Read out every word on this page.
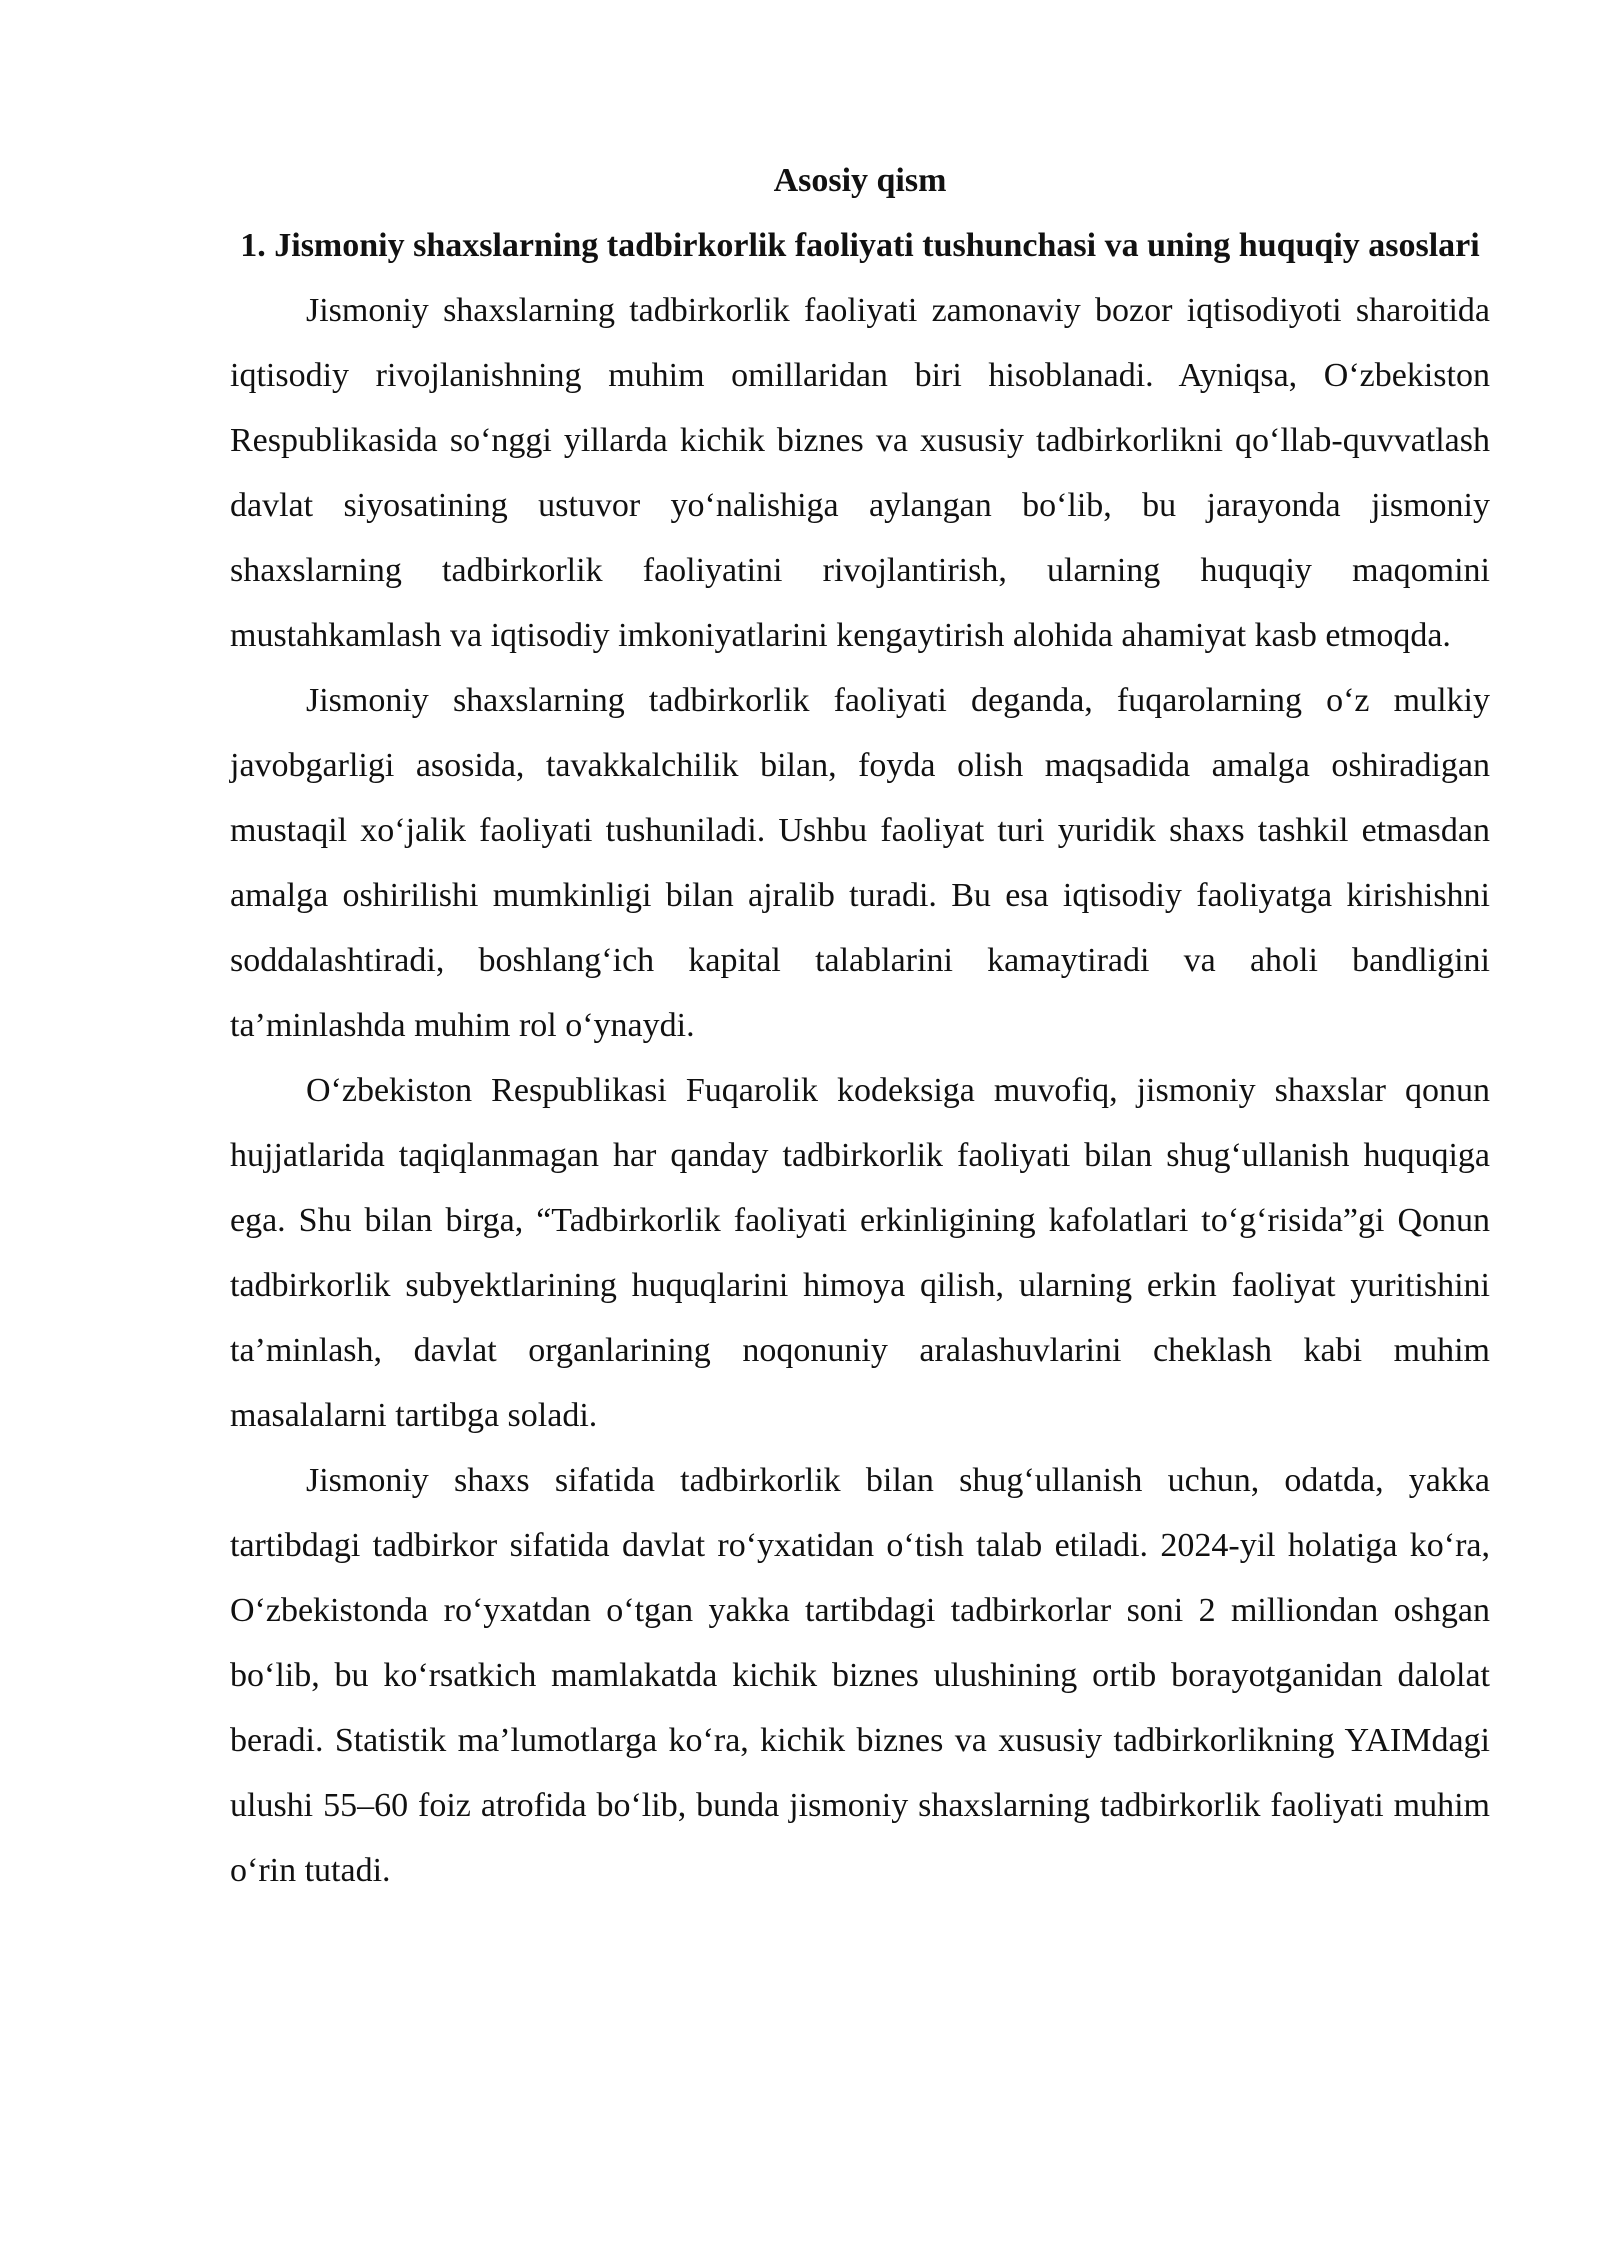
Asosiy qism
1. Jismoniy shaxslarning tadbirkorlik faoliyati tushunchasi va uning huquqiy asoslari

Jismoniy shaxslarning tadbirkorlik faoliyati zamonaviy bozor iqtisodiyoti sharoitida iqtisodiy rivojlanishning muhim omillaridan biri hisoblanadi. Ayniqsa, O‘zbekiston Respublikasida so‘nggi yillarda kichik biznes va xususiy tadbirkorlikni qo‘llab-quvvatlash davlat siyosatining ustuvor yo‘nalishiga aylangan bo‘lib, bu jarayonda jismoniy shaxslarning tadbirkorlik faoliyatini rivojlantirish, ularning huquqiy maqomini mustahkamlash va iqtisodiy imkoniyatlarini kengaytirish alohida ahamiyat kasb etmoqda.

Jismoniy shaxslarning tadbirkorlik faoliyati deganda, fuqarolarning o‘z mulkiy javobgarligi asosida, tavakkalchilik bilan, foyda olish maqsadida amalga oshiradigan mustaqil xo‘jalik faoliyati tushuniladi. Ushbu faoliyat turi yuridik shaxs tashkil etmasdan amalga oshirilishi mumkinligi bilan ajralib turadi. Bu esa iqtisodiy faoliyatga kirishishni soddalashtiradi, boshlang‘ich kapital talablarini kamaytiradi va aholi bandligini ta’minlashda muhim rol o‘ynaydi.

O‘zbekiston Respublikasi Fuqarolik kodeksiga muvofiq, jismoniy shaxslar qonun hujjatlarida taqiqlanmagan har qanday tadbirkorlik faoliyati bilan shug‘ullanish huquqiga ega. Shu bilan birga, “Tadbirkorlik faoliyati erkinligining kafolatlari to‘g‘risida”gi Qonun tadbirkorlik subyektlarining huquqlarini himoya qilish, ularning erkin faoliyat yuritishini ta’minlash, davlat organlarining noqonuniy aralashuvlarini cheklash kabi muhim masalalarni tartibga soladi.

Jismoniy shaxs sifatida tadbirkorlik bilan shug‘ullanish uchun, odatda, yakka tartibdagi tadbirkor sifatida davlat ro‘yxatidan o‘tish talab etiladi. 2024-yil holatiga ko‘ra, O‘zbekistonda ro‘yxatdan o‘tgan yakka tartibdagi tadbirkorlar soni 2 milliondan oshgan bo‘lib, bu ko‘rsatkich mamlakatda kichik biznes ulushining ortib borayotganidan dalolat beradi. Statistik ma’lumotlarga ko‘ra, kichik biznes va xususiy tadbirkorlikning YAIMdagi ulushi 55–60 foiz atrofida bo‘lib, bunda jismoniy shaxslarning tadbirkorlik faoliyati muhim o‘rin tutadi.
